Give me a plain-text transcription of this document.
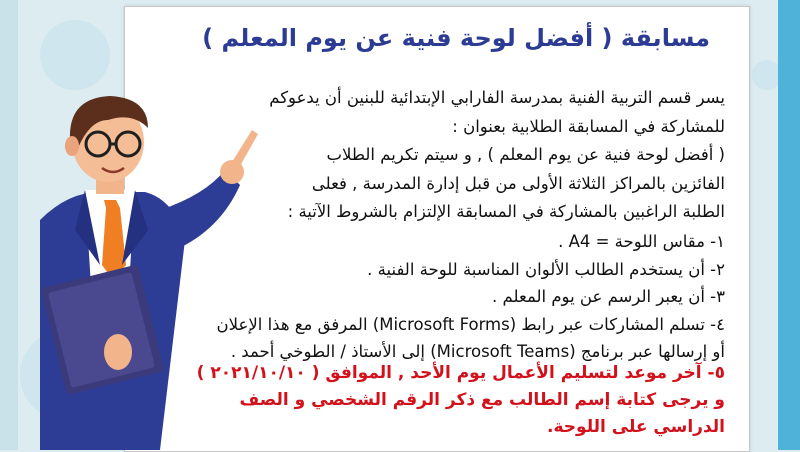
مسابقة ( أفضل لوحة فنية عن يوم المعلم )

يسر قسم التربية الفنية بمدرسة الفارابي الإبتدائية للبنين أن يدعوكم

للمشاركة في المسابقة الطلابية بعنوان :

( أفضل لوحة فنية عن يوم المعلم ) , و سيتم تكريم الطلاب

الفائزين بالمراكز الثلاثة الأولى من قبل إدارة المدرسة , فعلى

الطلبة الراغبين بالمشاركة في المسابقة الإلتزام بالشروط الآتية :

١- مقاس اللوحة = A4 .

٢- أن يستخدم الطالب الألوان المناسبة للوحة الفنية .

٣- أن يعبر الرسم عن يوم المعلم .

٤- تسلم المشاركات عبر رابط (Microsoft Forms) المرفق مع هذا الإعلان

أو إرسالها عبر برنامج (Microsoft Teams) إلى الأستاذ / الطوخي أحمد .

٥- آخر موعد لتسليم الأعمال يوم الأحد , الموافق ( ٢٠٢١/١٠/١٠ )

و يرجى كتابة إسم الطالب مع ذكر الرقم الشخصي و الصف

الدراسي على اللوحة.
